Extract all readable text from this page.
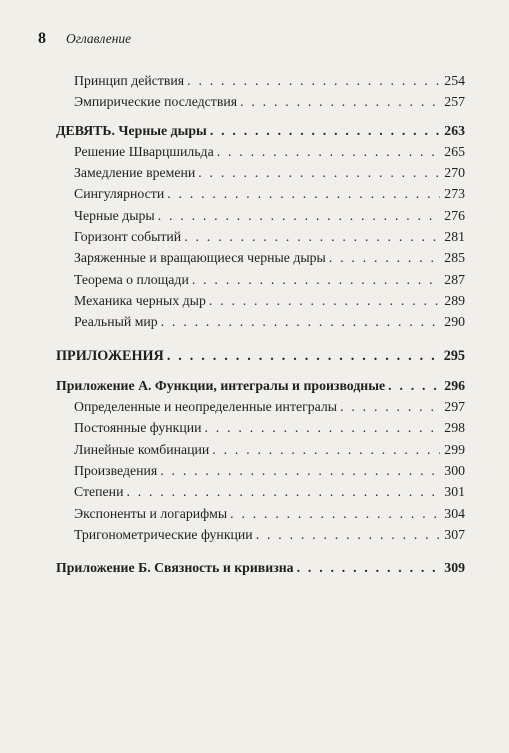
8 Оглавление
Принцип действия . . .	254
Эмпирические последствия . . .	257
ДЕВЯТЬ. Черные дыры . . .	263
Решение Шварцшильда . . .	265
Замедление времени . . .	270
Сингулярности . . .	273
Черные дыры . . .	276
Горизонт событий . . .	281
Заряженные и вращающиеся черные дыры . . .	285
Теорема о площади . . .	287
Механика черных дыр . . .	289
Реальный мир . . .	290
ПРИЛОЖЕНИЯ . . .	295
Приложение А. Функции, интегралы и производные . . .	296
Определенные и неопределенные интегралы . . .	297
Постоянные функции . . .	298
Линейные комбинации . . .	299
Произведения . . .	300
Степени . . .	301
Экспоненты и логарифмы . . .	304
Тригонометрические функции . . .	307
Приложение Б. Связность и кривизна . . .	309
